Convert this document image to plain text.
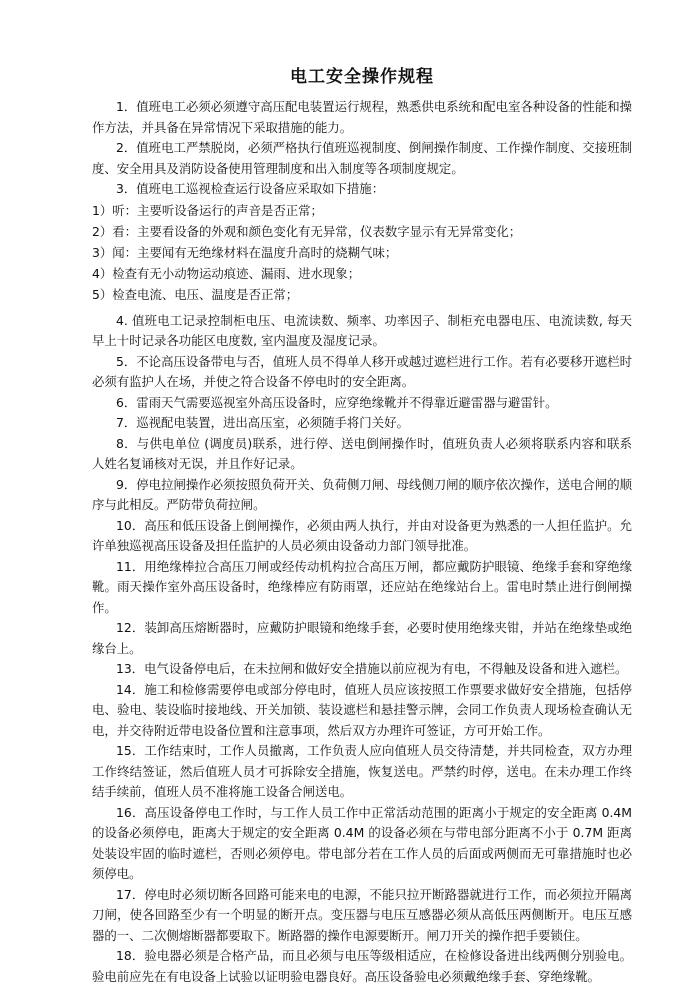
电工安全操作规程

1．值班电工必须必须遵守高压配电装置运行规程，熟悉供电系统和配电室各种设备的性能和操作方法，并具备在异常情况下采取措施的能力。

2．值班电工严禁脱岗，必须严格执行值班巡视制度、倒闸操作制度、工作操作制度、交接班制度、安全用具及消防设备使用管理制度和出入制度等各项制度规定。

3．值班电工巡视检查运行设备应采取如下措施：

1）听：主要听设备运行的声音是否正常；

2）看：主要看设备的外观和颜色变化有无异常，仪表数字显示有无异常变化；

3）闻：主要闻有无绝缘材料在温度升高时的烧糊气味；

4）检查有无小动物运动痕迹、漏雨、进水现象；

5）检查电流、电压、温度是否正常；

4. 值班电工记录控制柜电压、电流读数、频率、功率因子、制柜充电器电压、电流读数, 每天早上十时记录各功能区电度数, 室内温度及湿度记录。

5．不论高压设备带电与否，值班人员不得单人移开或越过遮栏进行工作。若有必要移开遮栏时必须有监护人在场，并使之符合设备不停电时的安全距离。

6．雷雨天气需要巡视室外高压设备时，应穿绝缘靴并不得靠近避雷器与避雷针。

7．巡视配电装置，进出高压室，必须随手将门关好。

8．与供电单位 (调度员)联系，进行停、送电倒闸操作时，值班负责人必须将联系内容和联系人姓名复诵核对无误，并且作好记录。

9．停电拉闸操作必须按照负荷开关、负荷侧刀闸、母线侧刀闸的顺序依次操作，送电合闸的顺序与此相反。严防带负荷拉闸。

10．高压和低压设备上倒闸操作，必须由两人执行，并由对设备更为熟悉的一人担任监护。允许单独巡视高压设备及担任监护的人员必须由设备动力部门领导批准。

11．用绝缘棒拉合高压刀闸或经传动机构拉合高压万闸，都应戴防护眼镜、绝缘手套和穿绝缘靴。雨天操作室外高压设备时，绝缘棒应有防雨罩，还应站在绝缘站台上。雷电时禁止进行倒闸操作。

12．装卸高压熔断器时，应戴防护眼镜和绝缘手套，必要时使用绝缘夹钳，并站在绝缘垫或绝缘台上。

13．电气设备停电后，在未拉闸和做好安全措施以前应视为有电，不得触及设备和进入遮栏。

14．施工和检修需要停电或部分停电时，值班人员应该按照工作票要求做好安全措施，包括停电、验电、装设临时接地线、开关加锁、装设遮栏和悬挂警示牌，会同工作负责人现场检查确认无电，并交待附近带电设备位置和注意事项，然后双方办理许可签证，方可开始工作。

15．工作结束时，工作人员撤离，工作负责人应向值班人员交待清楚，并共同检查，双方办理工作终结签证，然后值班人员才可拆除安全措施，恢复送电。严禁约时停，送电。在未办理工作终结手续前，值班人员不准将施工设备合闸送电。

16．高压设备停电工作时，与工作人员工作中正常活动范围的距离小于规定的安全距离 0.4M 的设备必须停电，距离大于规定的安全距离 0.4M 的设备必须在与带电部分距离不小于 0.7M 距离处装设牢固的临时遮栏，否则必须停电。带电部分若在工作人员的后面或两侧而无可靠措施时也必须停电。

17．停电时必须切断各回路可能来电的电源，不能只拉开断路器就进行工作，而必须拉开隔离刀闸，使各回路至少有一个明显的断开点。变压器与电压互感器必须从高低压两侧断开。电压互感器的一、二次侧熔断器都要取下。断路器的操作电源要断开。闸刀开关的操作把手要锁住。

18．验电器必须是合格产品，而且必须与电压等级相适应，在检修设备进出线两侧分别验电。验电前应先在有电设备上试验以证明验电器良好。高压设备验电必须戴绝缘手套、穿绝缘靴。
